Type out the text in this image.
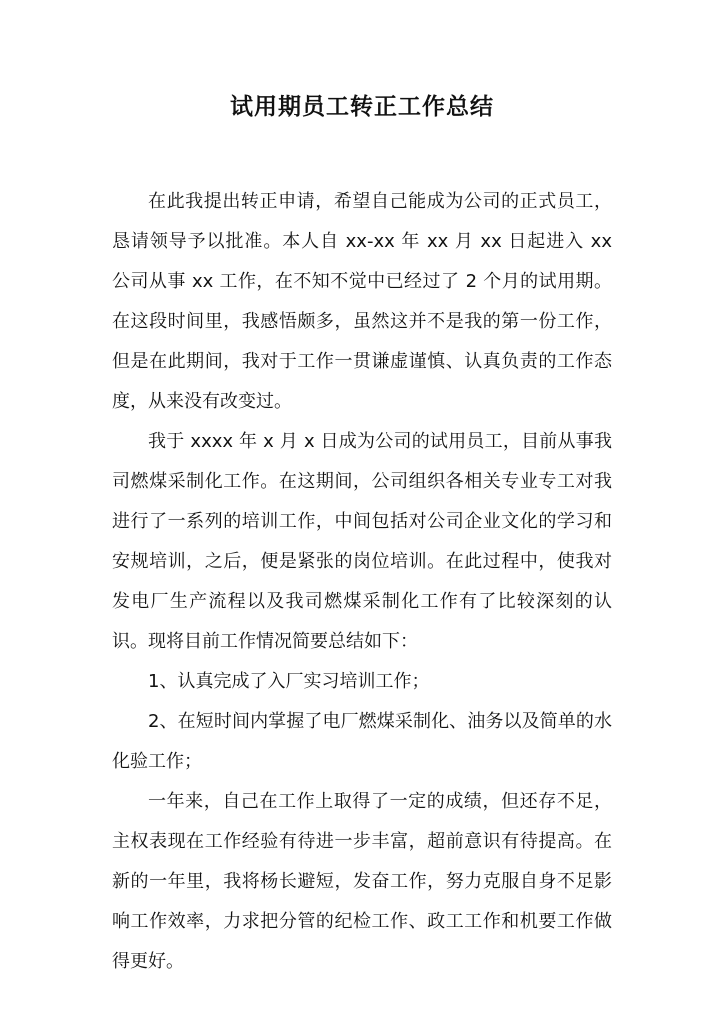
试用期员工转正工作总结

在此我提出转正申请，希望自己能成为公司的正式员工，恳请领导予以批准。本人自 xx-xx 年 xx 月 xx 日起进入 xx 公司从事 xx 工作，在不知不觉中已经过了 2 个月的试用期。在这段时间里，我感悟颇多，虽然这并不是我的第一份工作，但是在此期间，我对于工作一贯谦虚谨慎、认真负责的工作态度，从来没有改变过。

我于 xxxx 年 x 月 x 日成为公司的试用员工，目前从事我司燃煤采制化工作。在这期间，公司组织各相关专业专工对我进行了一系列的培训工作，中间包括对公司企业文化的学习和安规培训，之后，便是紧张的岗位培训。在此过程中，使我对发电厂生产流程以及我司燃煤采制化工作有了比较深刻的认识。现将目前工作情况简要总结如下：

1、认真完成了入厂实习培训工作；

2、在短时间内掌握了电厂燃煤采制化、油务以及简单的水化验工作；

一年来，自己在工作上取得了一定的成绩，但还存不足，主权表现在工作经验有待进一步丰富，超前意识有待提高。在新的一年里，我将杨长避短，发奋工作，努力克服自身不足影响工作效率，力求把分管的纪检工作、政工工作和机要工作做得更好。
